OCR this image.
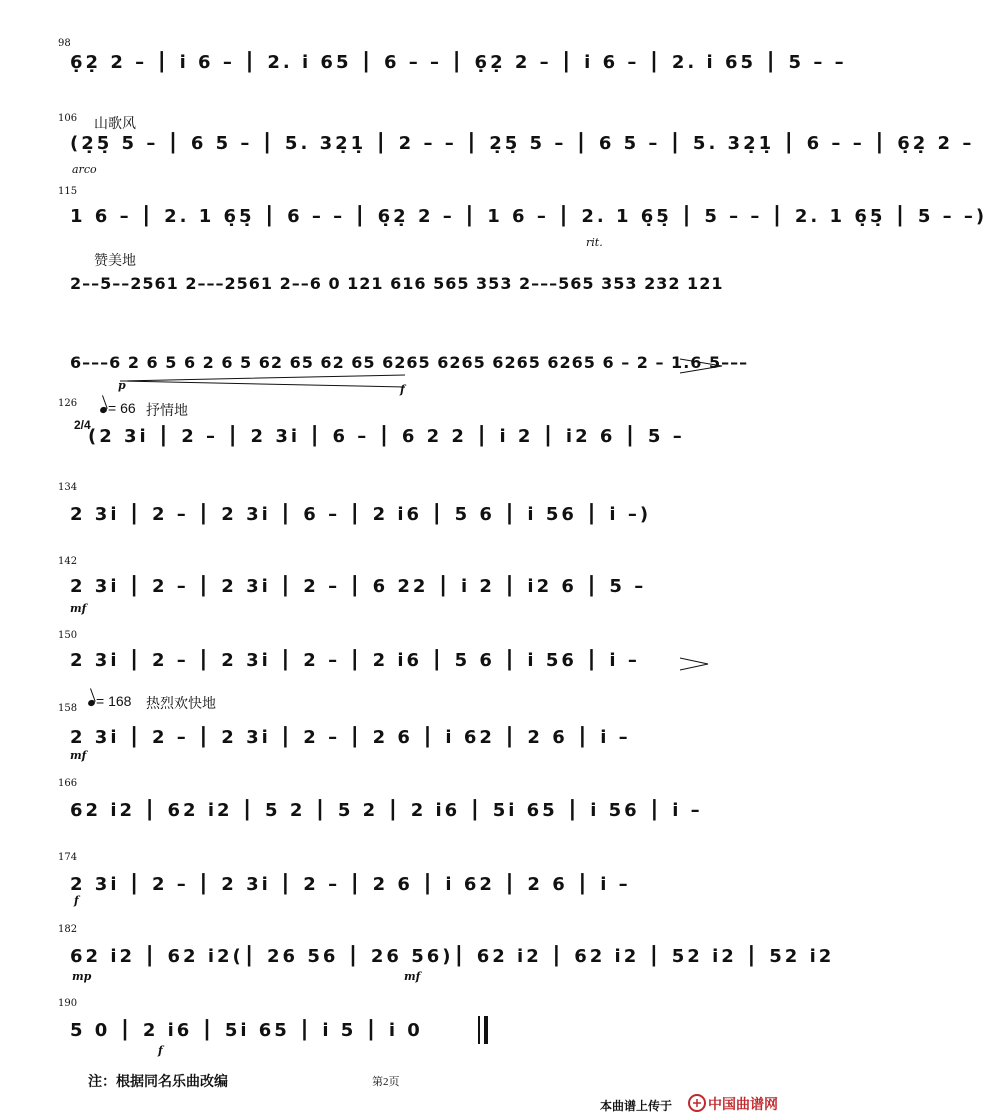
98
6̣2̣ 2 – ⎮ i̇ 6 – ⎮ 2. i̇ 65 ⎮ 6 – – ⎮ 6̣2̣ 2 – ⎮ i̇ 6 – ⎮ 2. i̇ 65 ⎮ 5 – –
106 山歌风
(2̣5̣ 5 – ⎮ 6 5 – ⎮ 5. 32̣1̣ ⎮ 2 – – ⎮ 2̣5̣ 5 – ⎮ 6 5 – ⎮ 5. 32̣1̣ ⎮ 6 – – ⎮ 6̣2̣ 2 –
arco
115
1 6 – ⎮ 2. 1 6̣5̣ ⎮ 6 – – ⎮ 6̣2̣ 2 – ⎮ 1 6 – ⎮ 2. 1 6̣5̣ ⎮ 5 – – ⎮ 2. 1 6̣5̣ ⎮ 5 – –)
rit.
赞美地
2––5––2561 2–––2561 2––6 0 121 616 565 353 2–––565 353 232 121
6–––6 2 6 5 6 2 6 5 62 65 62 65 6265 6265 6265 6265 6 – 2 – 1.6 5–––
p	f
126	= 66 抒情地
2/4
(2 3i ⎮ 2 – ⎮ 2 3i ⎮ 6 – ⎮ 6 2 2 ⎮ i 2 ⎮ i2 6 ⎮ 5 –
134
2 3i ⎮ 2 – ⎮ 2 3i ⎮ 6 – ⎮ 2 i6 ⎮ 5 6 ⎮ i 56 ⎮ i –)
142
2 3i ⎮ 2 – ⎮ 2 3i ⎮ 2 – ⎮ 6 22 ⎮ i 2 ⎮ i2 6 ⎮ 5 –
mf
150
2 3i ⎮ 2 – ⎮ 2 3i ⎮ 2 – ⎮ 2 i6 ⎮ 5 6 ⎮ i 56 ⎮ i –
158	= 168 热烈欢快地
2 3i ⎮ 2 – ⎮ 2 3i ⎮ 2 – ⎮ 2 6 ⎮ i 62 ⎮ 2 6 ⎮ i –
mf
166
62 i2 ⎮ 62 i2 ⎮ 5 2 ⎮ 5 2 ⎮ 2 i6 ⎮ 5i 65 ⎮ i 56 ⎮ i –
174
2 3i ⎮ 2 – ⎮ 2 3i ⎮ 2 – ⎮ 2 6 ⎮ i 62 ⎮ 2 6 ⎮ i –
f
182
62 i2 ⎮ 62 i2(⎮ 26 56 ⎮ 26 56)⎮ 62 i2 ⎮ 62 i2 ⎮ 52 i2 ⎮ 52 i2
mp	mf
190
5 0 ⎮ 2 i6 ⎮ 5i 65 ⎮ i 5 ⎮ i 0
f
注：根据同名乐曲改编	第2页
本曲谱上传于	中国曲谱网
